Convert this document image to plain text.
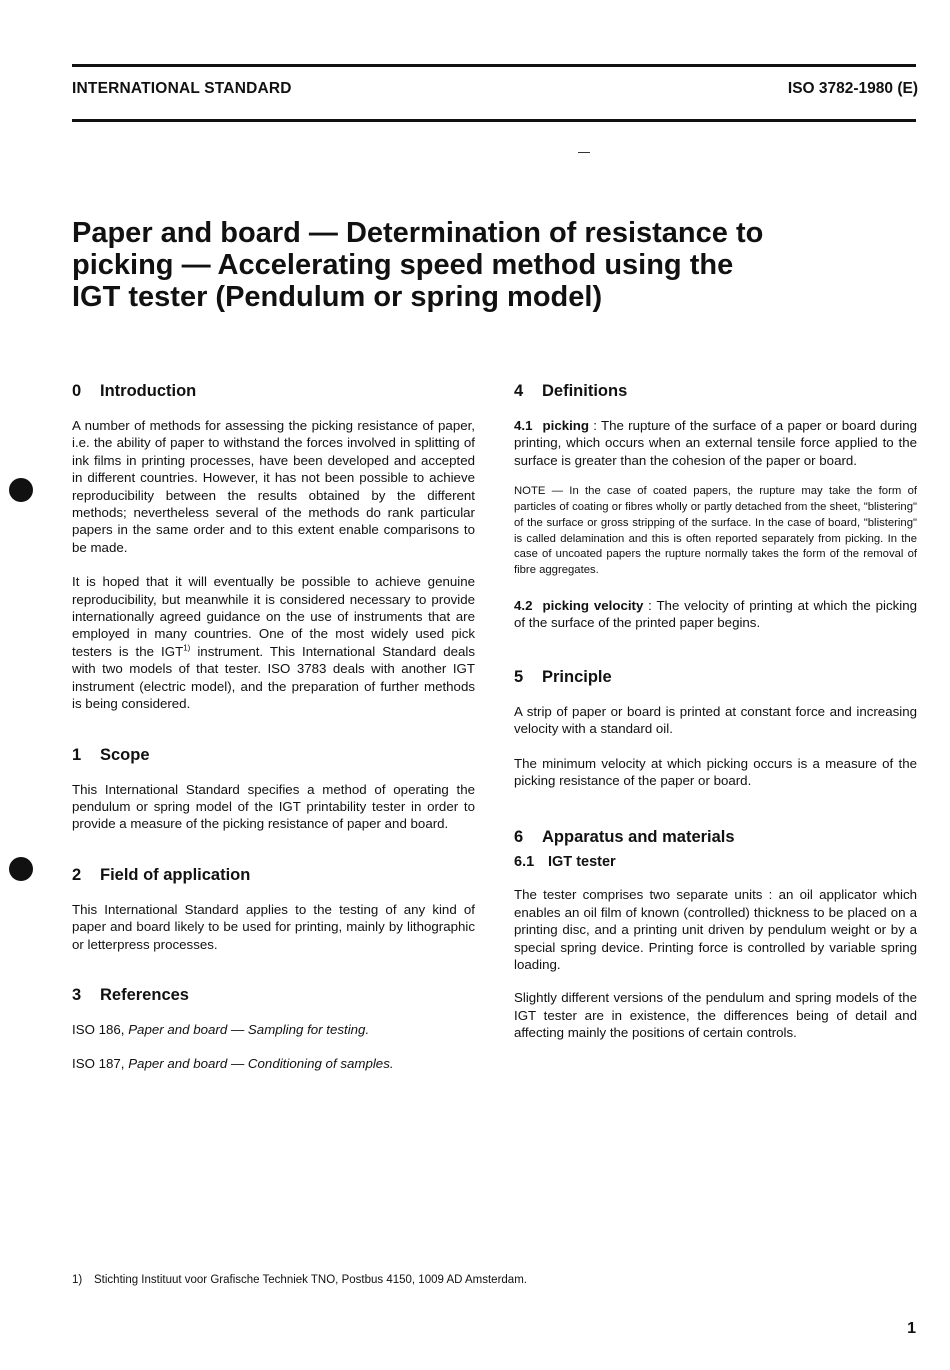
INTERNATIONAL STANDARD	ISO 3782-1980 (E)
Paper and board — Determination of resistance to
picking — Accelerating speed method using the
IGT tester (Pendulum or spring model)
0 Introduction

A number of methods for assessing the picking resistance of paper, i.e. the ability of paper to withstand the forces involved in splitting of ink films in printing processes, have been developed and accepted in different countries. However, it has not been possible to achieve reproducibility between the results obtained by the different methods; nevertheless several of the methods do rank particular papers in the same order and to this extent enable comparisons to be made.

It is hoped that it will eventually be possible to achieve genuine reproducibility, but meanwhile it is considered necessary to provide internationally agreed guidance on the use of instruments that are employed in many countries. One of the most widely used pick testers is the IGT$^{1)}$ instrument. This International Standard deals with two models of that tester. ISO 3783 deals with another IGT instrument (electric model), and the preparation of further methods is being considered.

1 Scope

This International Standard specifies a method of operating the pendulum or spring model of the IGT printability tester in order to provide a measure of the picking resistance of paper and board.

2 Field of application

This International Standard applies to the testing of any kind of paper and board likely to be used for printing, mainly by lithographic or letterpress processes.

3 References

ISO 186, Paper and board — Sampling for testing.

ISO 187, Paper and board — Conditioning of samples.

4 Definitions

4.1 picking : The rupture of the surface of a paper or board during printing, which occurs when an external tensile force applied to the surface is greater than the cohesion of the paper or board.

NOTE — In the case of coated papers, the rupture may take the form of particles of coating or fibres wholly or partly detached from the sheet, "blistering" of the surface or gross stripping of the surface. In the case of board, "blistering" is called delamination and this is often reported separately from picking. In the case of uncoated papers the rupture normally takes the form of the removal of fibre aggregates.

4.2 picking velocity : The velocity of printing at which the picking of the surface of the printed paper begins.

5 Principle

A strip of paper or board is printed at constant force and increasing velocity with a standard oil.

The minimum velocity at which picking occurs is a measure of the picking resistance of the paper or board.

6 Apparatus and materials
6.1 IGT tester

The tester comprises two separate units : an oil applicator which enables an oil film of known (controlled) thickness to be placed on a printing disc, and a printing unit driven by pendulum weight or by a special spring device. Printing force is controlled by variable spring loading.

Slightly different versions of the pendulum and spring models of the IGT tester are in existence, the differences being of detail and affecting mainly the positions of certain controls.

1) Stichting Instituut voor Grafische Techniek TNO, Postbus 4150, 1009 AD Amsterdam.
1
